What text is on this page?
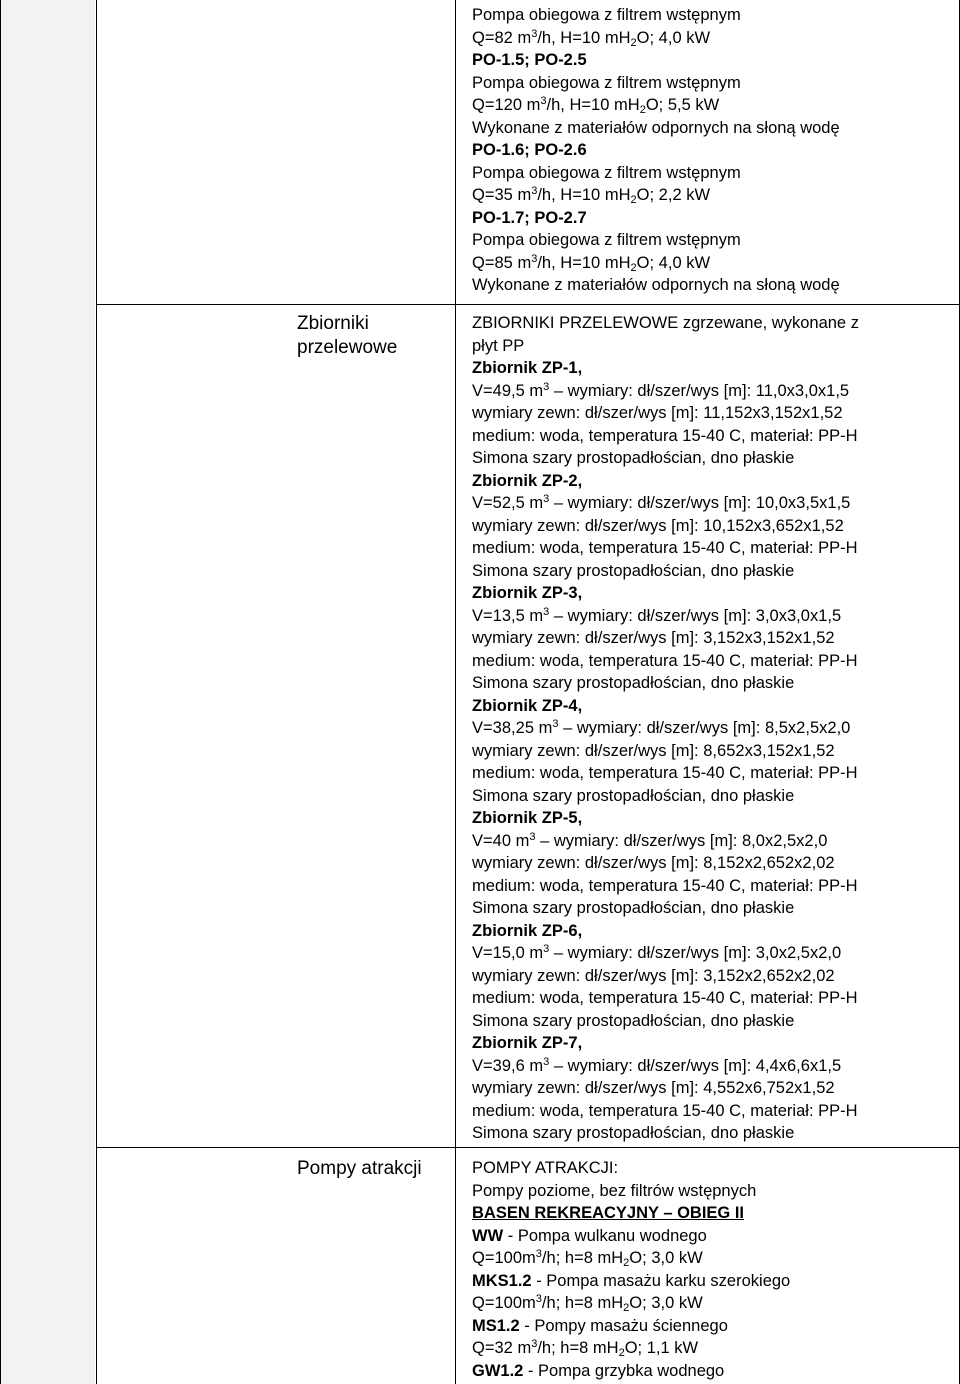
Pompa obiegowa z filtrem wstępnym
Q=82 $m^3/h$, H=10 $mH_2O$; 4,0 kW
PO-1.5; PO-2.5
Pompa obiegowa z filtrem wstępnym
Q=120 $m^3/h$, H=10 $mH_2O$; 5,5 kW
Wykonane z materiałów odpornych na słoną wodę
PO-1.6; PO-2.6
Pompa obiegowa z filtrem wstępnym
Q=35 $m^3/h$, H=10 $mH_2O$; 2,2 kW
PO-1.7; PO-2.7
Pompa obiegowa z filtrem wstępnym
Q=85 $m^3/h$, H=10 $mH_2O$; 4,0 kW
Wykonane z materiałów odpornych na słoną wodę
Zbiorniki
przelewowe
ZBIORNIKI PRZELEWOWE zgrzewane, wykonane z
płyt PP
Zbiornik ZP-1,
V=49,5 $m^3$ – wymiary: dł/szer/wys [m]: 11,0x3,0x1,5
wymiary zewn: dł/szer/wys [m]: 11,152x3,152x1,52
medium: woda, temperatura 15-40 C, materiał: PP-H
Simona szary prostopadłościan, dno płaskie
Zbiornik ZP-2,
V=52,5 $m^3$ – wymiary: dł/szer/wys [m]: 10,0x3,5x1,5
wymiary zewn: dł/szer/wys [m]: 10,152x3,652x1,52
medium: woda, temperatura 15-40 C, materiał: PP-H
Simona szary prostopadłościan, dno płaskie
Zbiornik ZP-3,
V=13,5 $m^3$ – wymiary: dł/szer/wys [m]: 3,0x3,0x1,5
wymiary zewn: dł/szer/wys [m]: 3,152x3,152x1,52
medium: woda, temperatura 15-40 C, materiał: PP-H
Simona szary prostopadłościan, dno płaskie
Zbiornik ZP-4,
V=38,25 $m^3$ – wymiary: dł/szer/wys [m]: 8,5x2,5x2,0
wymiary zewn: dł/szer/wys [m]: 8,652x3,152x1,52
medium: woda, temperatura 15-40 C, materiał: PP-H
Simona szary prostopadłościan, dno płaskie
Zbiornik ZP-5,
V=40 $m^3$ – wymiary: dł/szer/wys [m]: 8,0x2,5x2,0
wymiary zewn: dł/szer/wys [m]: 8,152x2,652x2,02
medium: woda, temperatura 15-40 C, materiał: PP-H
Simona szary prostopadłościan, dno płaskie
Zbiornik ZP-6,
V=15,0 $m^3$ – wymiary: dł/szer/wys [m]: 3,0x2,5x2,0
wymiary zewn: dł/szer/wys [m]: 3,152x2,652x2,02
medium: woda, temperatura 15-40 C, materiał: PP-H
Simona szary prostopadłościan, dno płaskie
Zbiornik ZP-7,
V=39,6 $m^3$ – wymiary: dł/szer/wys [m]: 4,4x6,6x1,5
wymiary zewn: dł/szer/wys [m]: 4,552x6,752x1,52
medium: woda, temperatura 15-40 C, materiał: PP-H
Simona szary prostopadłościan, dno płaskie
Pompy atrakcji	POMPY ATRAKCJI:
Pompy poziome, bez filtrów wstępnych
BASEN REKREACYJNY – OBIEG II
WW - Pompa wulkanu wodnego
$Q=100m^3/h$; h=8 $mH_2O$; 3,0 kW
MKS1.2 - Pompa masażu karku szerokiego
$Q=100m^3/h$; h=8 $mH_2O$; 3,0 kW
MS1.2 - Pompy masażu ściennego
Q=32 $m^3/h$; h=8 $mH_2O$; 1,1 kW
GW1.2 - Pompa grzybka wodnego
